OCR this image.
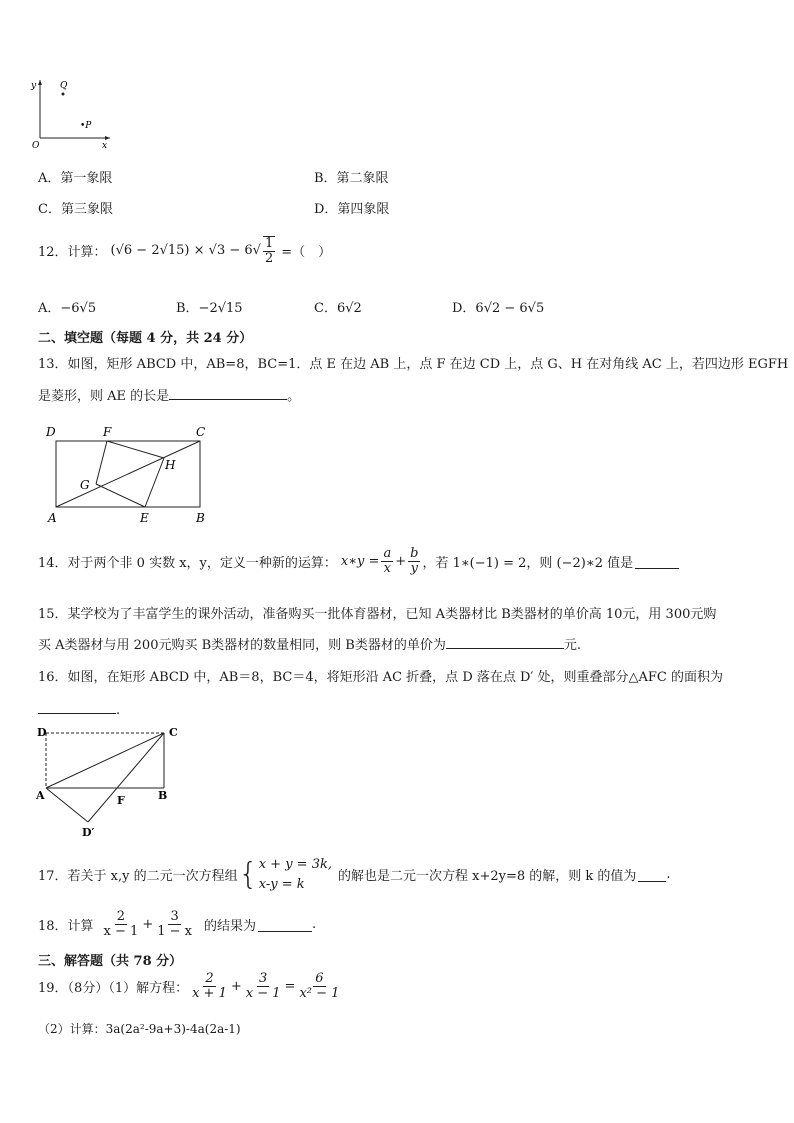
y	Q
•P
O	x
A．第一象限	B．第二象限
C．第三象限	D．第四象限
12．计算： $(√6 - 2√15) \times √3 - 6√ \frac{1}{2}$ =（　）
A．−6√5	B．−2√15	C．6√2	D．6√2 − 6√5
二、填空题（每题 4 分，共 24 分）
13．如图，矩形 ABCD 中，AB=8，BC=1．点 E 在边 AB 上，点 F 在边 CD 上，点 G、H 在对角线 AC 上，若四边形 EGFH
是菱形，则 AE 的长是	。
D	F	C
H
G
A	E	B
14．对于两个非 0 实数 x，y，定义一种新的运算： x∗y = $\frac{a}{x} + \frac{b}{y}$ ，若 1∗(−1) = 2，则 (−2)∗2 值是
15．某学校为了丰富学生的课外活动，准备购买一批体育器材，已知 A类器材比 B类器材的单价高 10元，用 300元购
买 A类器材与用 200元购买 B类器材的数量相同，则 B类器材的单价为	元.
16．如图，在矩形 ABCD 中，AB＝8，BC＝4，将矩形沿 AC 折叠，点 D 落在点 D′ 处，则重叠部分△AFC 的面积为
.
D	C
A	F	B
D′
17．若关于 x,y 的二元一次方程组 { x + y = 3k,
x-y = k	的解也是二元一次方程 x+2y=8 的解，则 k 的值为 .
18．计算 $\frac{2}{x - 1} + \frac{3}{1 - x}$ 的结果为	.
三、解答题（共 78 分）
19．（8分）（1）解方程： $\frac{2}{x + 1} + \frac{3}{x - 1} = \frac{6}{\text{x² − 1}}$
（2）计算：3a(2a²-9a+3)-4a(2a-1)
